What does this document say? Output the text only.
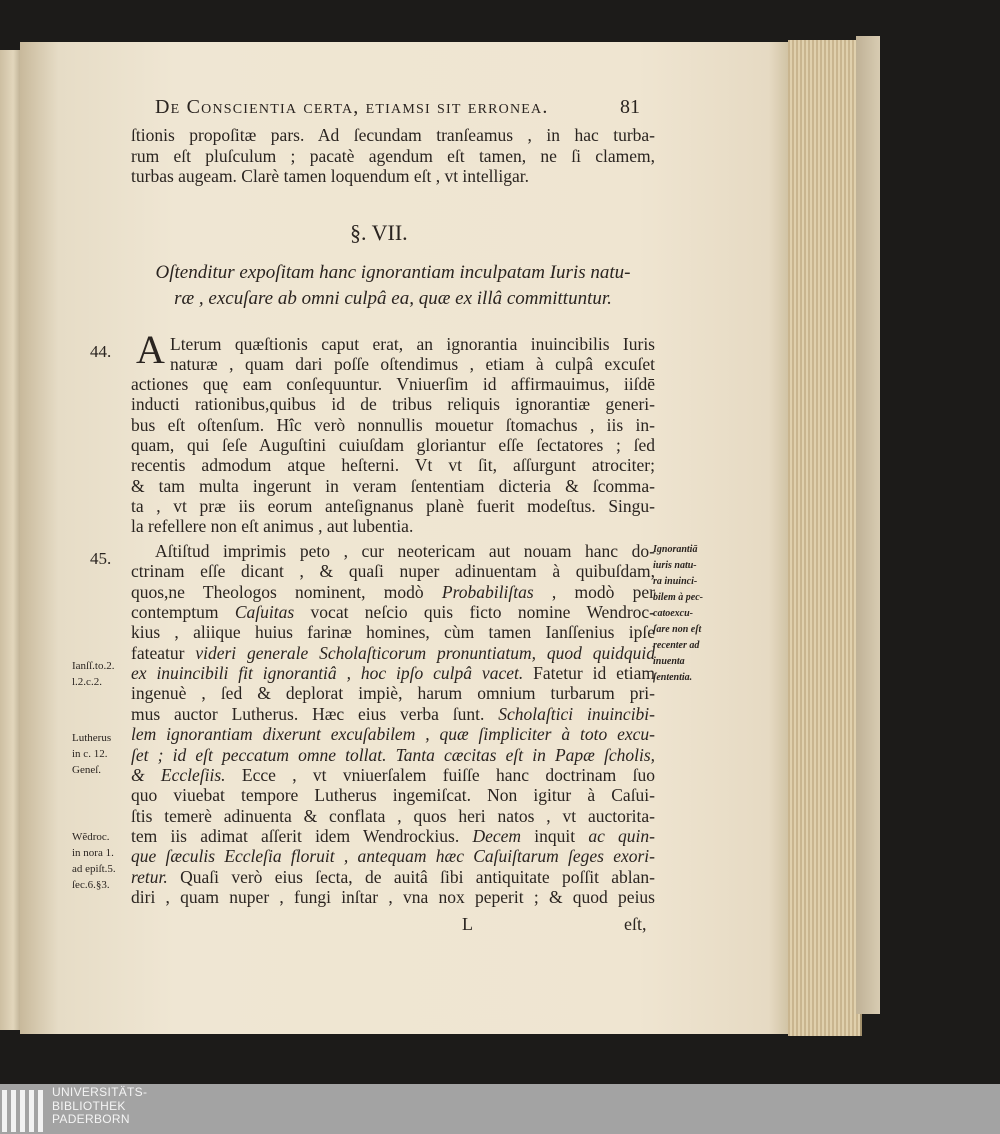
De Conscientia certa, etiamsi sit erronea.	81
ſtionis propoſitæ pars. Ad ſecundam tranſeamus , in hac turba-
rum eſt pluſculum ; pacatè agendum eſt tamen, ne ſi clamem,
turbas augeam. Clarè tamen loquendum eſt , vt intelligar.
§. VII.
Oſtenditur expoſitam hanc ignorantiam inculpatam Iuris natu-
ræ , excuſare ab omni culpâ ea, quæ ex illâ committuntur.
44. A Lterum quæſtionis caput erat, an ignorantia inuincibilis Iuris
naturæ , quam dari poſſe oſtendimus , etiam à culpâ excuſet
actiones quę eam conſequuntur. Vniuerſim id affirmauimus, iiſdē
inducti rationibus,quibus id de tribus reliquis ignorantiæ generi-
bus eſt oſtenſum. Hîc verò nonnullis mouetur ſtomachus , iis in-
quam, qui ſeſe Auguſtini cuiuſdam gloriantur eſſe ſectatores ; ſed
recentis admodum atque heſterni. Vt vt ſit, aſſurgunt atrociter;
& tam multa ingerunt in veram ſententiam dicteria & ſcomma-
ta , vt præ iis eorum anteſignanus planè fuerit modeſtus. Singu-
la refellere non eſt animus , aut lubentia.
45.	Aſtiſtud imprimis peto , cur neotericam aut nouam hanc do-
ctrinam eſſe dicant , & quaſi nuper adinuentam à quibuſdam,
quos,ne Theologos nominent, modò Probabiliſtas , modò per
contemptum Caſuitas vocat neſcio quis ficto nomine Wendroc-
kius , aliique huius farinæ homines, cùm tamen Ianſſenius ipſe
fateatur videri generale Scholaſticorum pronuntiatum, quod quidquid
ex inuincibili fit ignorantiâ , hoc ipſo culpâ vacet. Fatetur id etiam
ingenuè , ſed & deplorat impiè, harum omnium turbarum pri-
mus auctor Lutherus. Hæc eius verba ſunt. Scholaſtici inuincibi-
lem ignorantiam dixerunt excuſabilem , quæ ſimpliciter à toto excu-
ſet ; id eſt peccatum omne tollat. Tanta cæcitas eſt in Papæ ſcholis,
& Eccleſiis. Ecce , vt vniuerſalem fuiſſe hanc doctrinam ſuo
quo viuebat tempore Lutherus ingemiſcat. Non igitur à Caſui-
ſtis temerè adinuenta & conflata , quos heri natos , vt auctorita-
tem iis adimat aſſerit idem Wendrockius. Decem inquit ac quin-
que ſæculis Eccleſia floruit , antequam hæc Caſuiſtarum ſeges exori-
retur. Quaſi verò eius ſecta, de auitâ ſibi antiquitate poſſit ablan-
diri , quam nuper , fungi inſtar , vna nox peperit ; & quod peius
Ianſſ.to.2.
l.2.c.2.
Lutherus
in c. 12.
Geneſ.
Wẽdroc.
in nora 1.
ad epiſt.5.
ſec.6.§3.
Ignorantiā
iuris natu-
ra inuinci-
bilem à pec-
catoexcu-
ſare non eſt
recenter ad
inuenta
ſententia.
L	eſt,
UNIVERSITÄTS-
BIBLIOTHEK
PADERBORN
